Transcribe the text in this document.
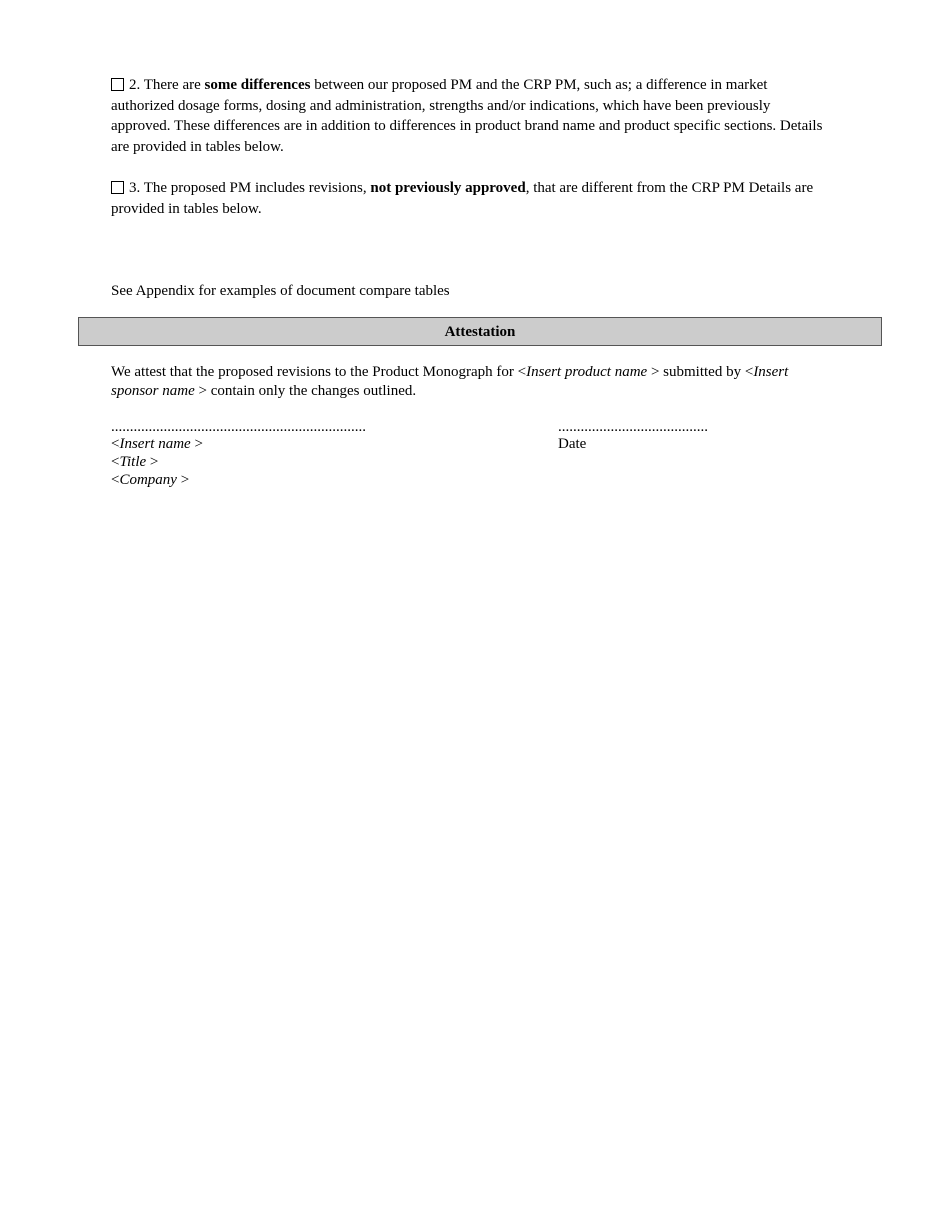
2. There are some differences between our proposed PM and the CRP PM, such as; a difference in market authorized dosage forms, dosing and administration, strengths and/or indications, which have been previously approved. These differences are in addition to differences in product brand name and product specific sections. Details are provided in tables below.

3. The proposed PM includes revisions, not previously approved, that are different from the CRP PM Details are provided in tables below.

See Appendix for examples of document compare tables

Attestation

We attest that the proposed revisions to the Product Monograph for <Insert product name > submitted by <Insert sponsor name > contain only the changes outlined.

....................................................................	........................................
<Insert name >
<Title >
<Company >
Date
